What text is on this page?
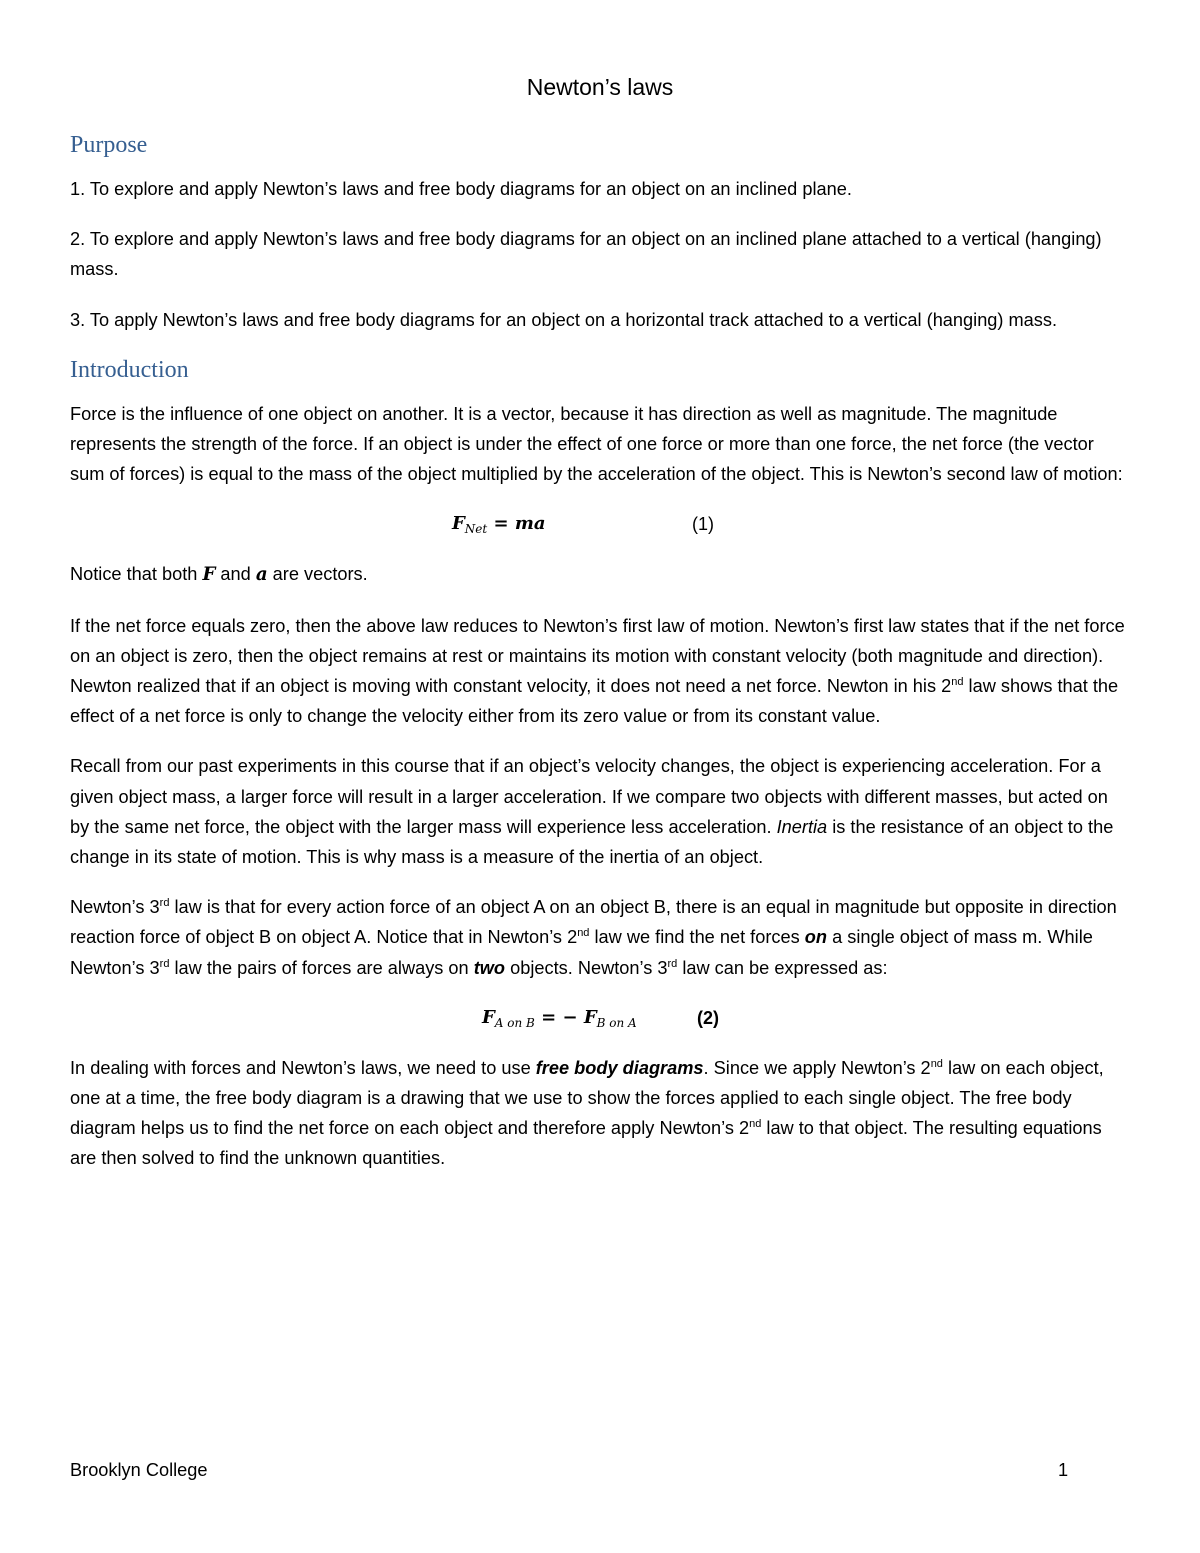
Newton’s laws
Purpose
1. To explore and apply Newton’s laws and free body diagrams for an object on an inclined plane.
2. To explore and apply Newton’s laws and free body diagrams for an object on an inclined plane attached to a vertical (hanging) mass.
3. To apply Newton’s laws and free body diagrams for an object on a horizontal track attached to a vertical (hanging) mass.
Introduction
Force is the influence of one object on another. It is a vector, because it has direction as well as magnitude. The magnitude represents the strength of the force. If an object is under the effect of one force or more than one force, the net force (the vector sum of forces) is equal to the mass of the object multiplied by the acceleration of the object. This is Newton’s second law of motion:
$F_{Net}$ = ma	(1)
Notice that both F and a are vectors.
If the net force equals zero, then the above law reduces to Newton’s first law of motion. Newton’s first law states that if the net force on an object is zero, then the object remains at rest or maintains its motion with constant velocity (both magnitude and direction). Newton realized that if an object is moving with constant velocity, it does not need a net force. Newton in his 2nd law shows that the effect of a net force is only to change the velocity either from its zero value or from its constant value.
Recall from our past experiments in this course that if an object’s velocity changes, the object is experiencing acceleration. For a given object mass, a larger force will result in a larger acceleration. If we compare two objects with different masses, but acted on by the same net force, the object with the larger mass will experience less acceleration. Inertia is the resistance of an object to the change in its state of motion. This is why mass is a measure of the inertia of an object.
Newton’s 3rd law is that for every action force of an object A on an object B, there is an equal in magnitude but opposite in direction reaction force of object B on object A. Notice that in Newton’s 2nd law we find the net forces on a single object of mass m. While Newton’s 3rd law the pairs of forces are always on two objects. Newton’s 3rd law can be expressed as:
$F_{A on B}$ = − $F_{B on A}$	(2)
In dealing with forces and Newton’s laws, we need to use free body diagrams. Since we apply Newton’s 2nd law on each object, one at a time, the free body diagram is a drawing that we use to show the forces applied to each single object. The free body diagram helps us to find the net force on each object and therefore apply Newton’s 2nd law to that object. The resulting equations are then solved to find the unknown quantities.
Brooklyn College	1
